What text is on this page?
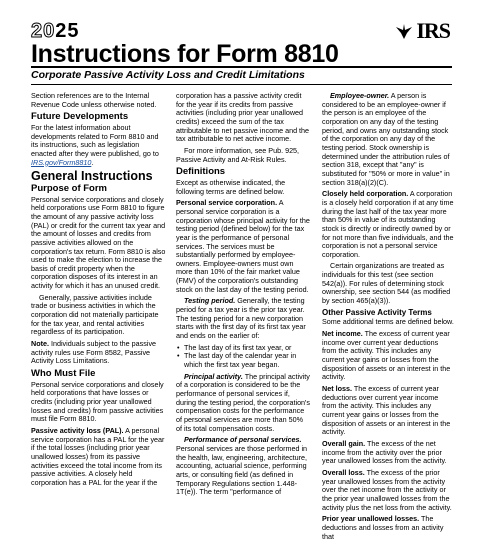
2025	IRS
Instructions for Form 8810
Corporate Passive Activity Loss and Credit Limitations

Section references are to the Internal Revenue Code unless otherwise noted.

Future Developments

For the latest information about developments related to Form 8810 and its instructions, such as legislation enacted after they were published, go to IRS.gov/Form8810.

General Instructions
Purpose of Form

Personal service corporations and closely held corporations use Form 8810 to figure the amount of any passive activity loss (PAL) or credit for the current tax year and the amount of losses and credits from passive activities allowed on the corporation's tax return. Form 8810 is also used to make the election to increase the basis of credit property when the corporation disposes of its interest in an activity for which it has an unused credit.

Generally, passive activities include trade or business activities in which the corporation did not materially participate for the tax year, and rental activities regardless of its participation.

Note. Individuals subject to the passive activity rules use Form 8582, Passive Activity Loss Limitations.

Who Must File

Personal service corporations and closely held corporations that have losses or credits (including prior year unallowed losses and credits) from passive activities must file Form 8810.

Passive activity loss (PAL). A personal service corporation has a PAL for the year if the total losses (including prior year unallowed losses) from its passive activities exceed the total income from its passive activities. A closely held corporation has a PAL for the year if the

corporation has a passive activity credit for the year if its credits from passive activities (including prior year unallowed credits) exceed the sum of the tax attributable to net passive income and the tax attributable to net active income.

For more information, see Pub. 925, Passive Activity and At-Risk Rules.

Definitions

Except as otherwise indicated, the following terms are defined below.

Personal service corporation. A personal service corporation is a corporation whose principal activity for the testing period (defined below) for the tax year is the performance of personal services. The services must be substantially performed by employee-owners. Employee-owners must own more than 10% of the fair market value (FMV) of the corporation's outstanding stock on the last day of the testing period.

Testing period. Generally, the testing period for a tax year is the prior tax year. The testing period for a new corporation starts with the first day of its first tax year and ends on the earlier of:

• The last day of its first tax year, or
• The last day of the calendar year in which the first tax year began.

Principal activity. The principal activity of a corporation is considered to be the performance of personal services if, during the testing period, the corporation's compensation costs for the performance of personal services are more than 50% of its total compensation costs.

Performance of personal services. Personal services are those performed in the health, law, engineering, architecture, accounting, actuarial science, performing arts, or consulting field (as defined in Temporary Regulations section 1.448-1T(e)). The term "performance of

Employee-owner. A person is considered to be an employee-owner if the person is an employee of the corporation on any day of the testing period, and owns any outstanding stock of the corporation on any day of the testing period. Stock ownership is determined under the attribution rules of section 318, except that "any" is substituted for "50% or more in value" in section 318(a)(2)(C).

Closely held corporation. A corporation is a closely held corporation if at any time during the last half of the tax year more than 50% in value of its outstanding stock is directly or indirectly owned by or for not more than five individuals, and the corporation is not a personal service corporation.

Certain organizations are treated as individuals for this test (see section 542(a)). For rules of determining stock ownership, see section 544 (as modified by section 465(a)(3)).

Other Passive Activity Terms

Some additional terms are defined below.

Net income. The excess of current year income over current year deductions from the activity. This includes any current year gains or losses from the disposition of assets or an interest in the activity.

Net loss. The excess of current year deductions over current year income from the activity. This includes any current year gains or losses from the disposition of assets or an interest in the activity.

Overall gain. The excess of the net income from the activity over the prior year unallowed losses from the activity.

Overall loss. The excess of the prior year unallowed losses from the activity over the net income from the activity or the prior year unallowed losses from the activity plus the net loss from the activity.

Prior year unallowed losses. The deductions and losses from an activity that
